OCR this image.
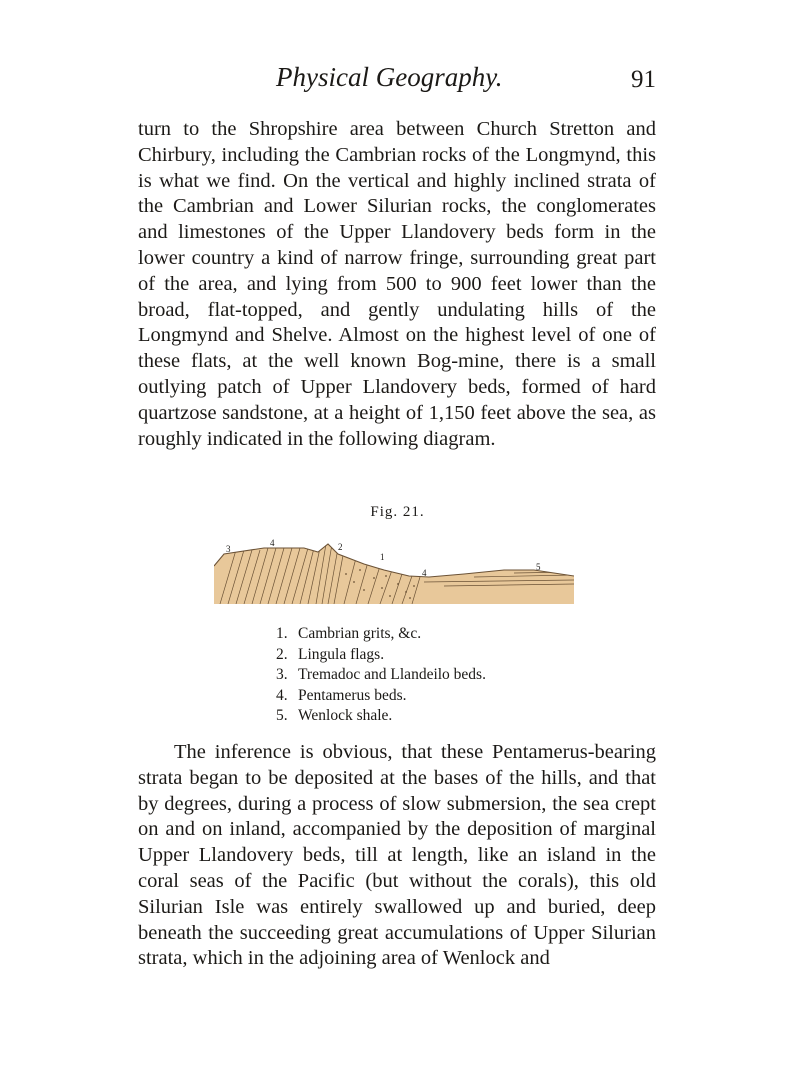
Physical Geography.	91

turn to the Shropshire area between Church Stretton and Chirbury, including the Cambrian rocks of the Longmynd, this is what we find. On the vertical and highly inclined strata of the Cambrian and Lower Silurian rocks, the conglomerates and limestones of the Upper Llandovery beds form in the lower country a kind of narrow fringe, surrounding great part of the area, and lying from 500 to 900 feet lower than the broad, flat-topped, and gently undulating hills of the Longmynd and Shelve. Almost on the highest level of one of these flats, at the well known Bog-mine, there is a small outlying patch of Upper Llandovery beds, formed of hard quartzose sandstone, at a height of 1,150 feet above the sea, as roughly indicated in the following diagram.

Fig. 21.
3
4	2
1
4
5
1. Cambrian grits, &c.
2. Lingula flags.
3. Tremadoc and Llandeilo beds.
4. Pentamerus beds.
5. Wenlock shale.

The inference is obvious, that these Pentamerus-bearing strata began to be deposited at the bases of the hills, and that by degrees, during a process of slow submersion, the sea crept on and on inland, accompanied by the deposition of marginal Upper Llandovery beds, till at length, like an island in the coral seas of the Pacific (but without the corals), this old Silurian Isle was entirely swallowed up and buried, deep beneath the succeeding great accumulations of Upper Silurian strata, which in the adjoining area of Wenlock and
